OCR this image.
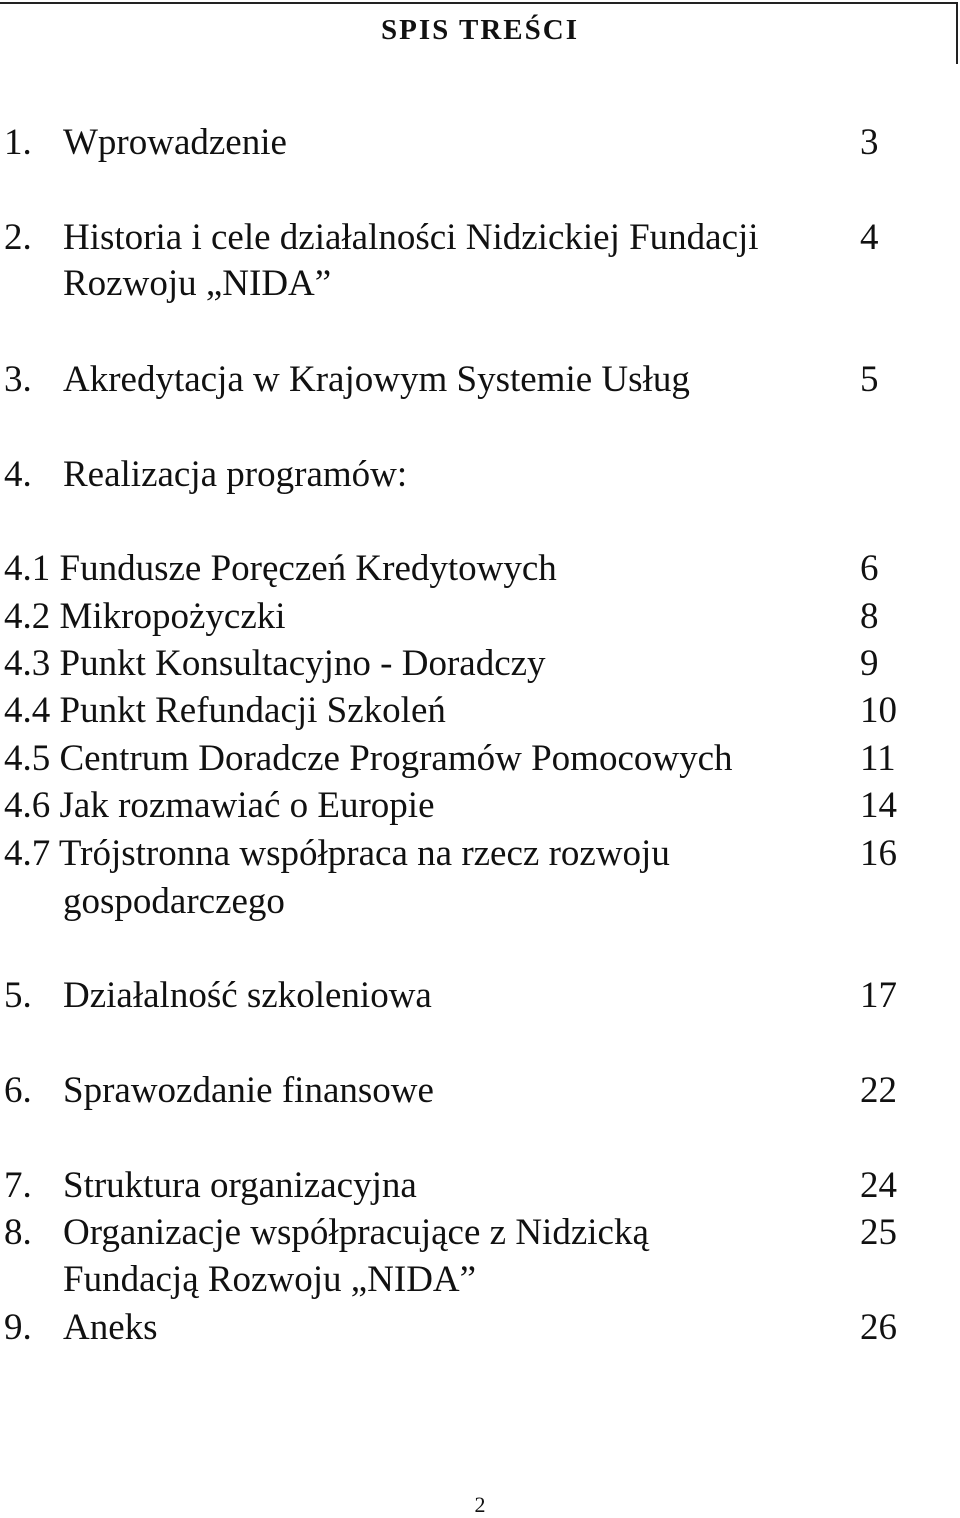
SPIS TREŚCI
1. Wprowadzenie	3
2. Historia i cele działalności Nidzickiej Fundacji	4
Rozwoju „NIDA”
3. Akredytacja w Krajowym Systemie Usług	5
4. Realizacja programów:
4.1 Fundusze Poręczeń Kredytowych	6
4.2 Mikropożyczki	8
4.3 Punkt Konsultacyjno - Doradczy	9
4.4 Punkt Refundacji Szkoleń	10
4.5 Centrum Doradcze Programów Pomocowych	11
4.6 Jak rozmawiać o Europie	14
4.7 Trójstronna współpraca na rzecz rozwoju	16
gospodarczego
5. Działalność szkoleniowa	17
6. Sprawozdanie finansowe	22
7. Struktura organizacyjna	24
8. Organizacje współpracujące z Nidzicką	25
Fundacją Rozwoju „NIDA”
9. Aneks	26
2
